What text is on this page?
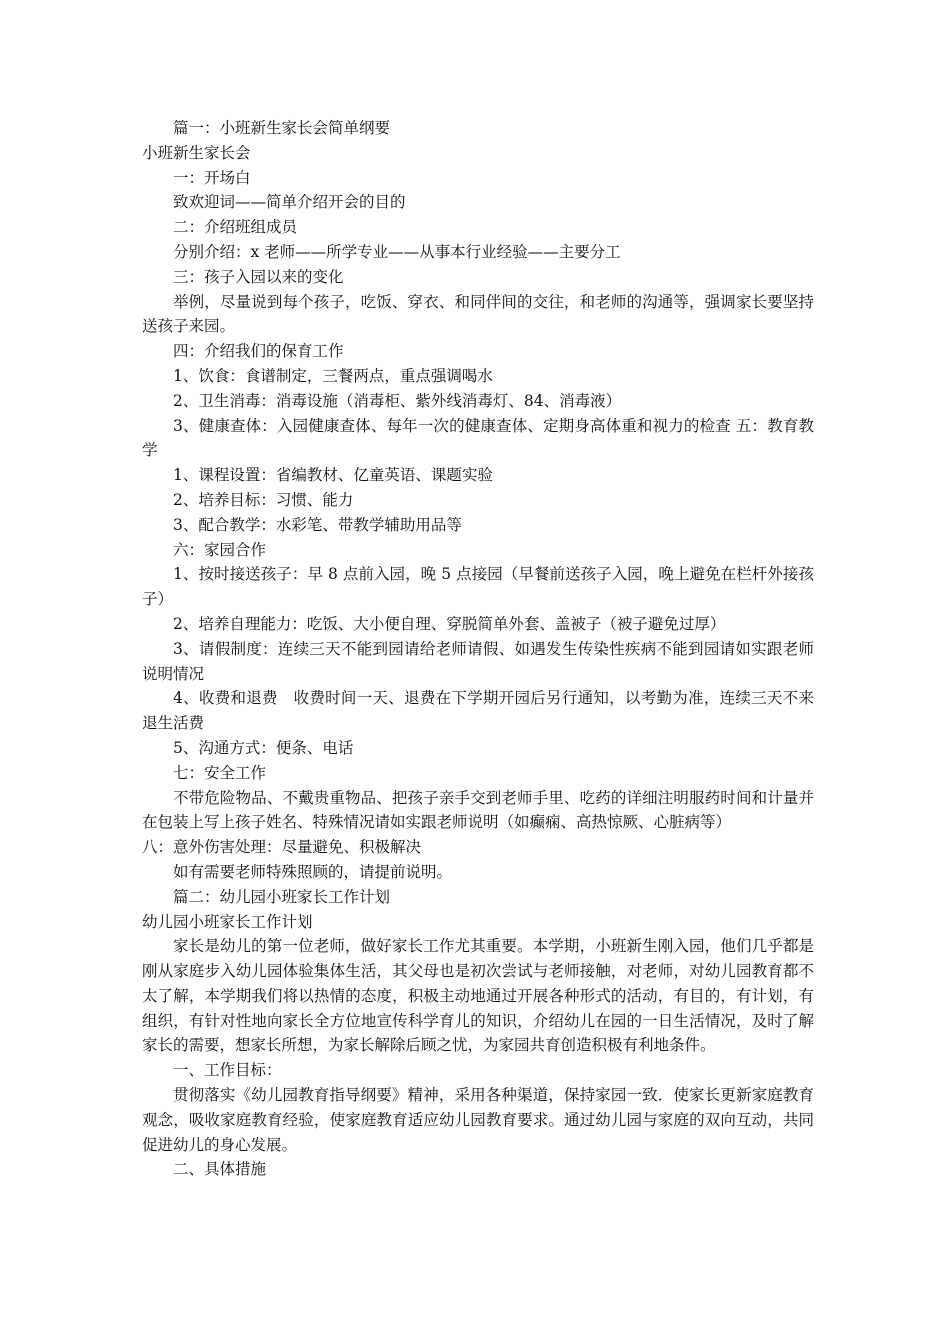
篇一：小班新生家长会简单纲要

小班新生家长会

一：开场白

致欢迎词——简单介绍开会的目的

二：介绍班组成员

分别介绍：x 老师——所学专业——从事本行业经验——主要分工

三：孩子入园以来的变化

举例，尽量说到每个孩子，吃饭、穿衣、和同伴间的交往，和老师的沟通等，强调家长要坚持送孩子来园。

四：介绍我们的保育工作

1、饮食：食谱制定，三餐两点，重点强调喝水

2、卫生消毒：消毒设施（消毒柜、紫外线消毒灯、84、消毒液）

3、健康查体：入园健康查体、每年一次的健康查体、定期身高体重和视力的检查 五：教育教学

1、课程设置：省编教材、亿童英语、课题实验

2、培养目标：习惯、能力

3、配合教学：水彩笔、带教学辅助用品等

六：家园合作

1、按时接送孩子：早 8 点前入园，晚 5 点接园（早餐前送孩子入园，晚上避免在栏杆外接孩子）

2、培养自理能力：吃饭、大小便自理、穿脱简单外套、盖被子（被子避免过厚）

3、请假制度：连续三天不能到园请给老师请假、如遇发生传染性疾病不能到园请如实跟老师说明情况

4、收费和退费　收费时间一天、退费在下学期开园后另行通知，以考勤为准，连续三天不来退生活费

5、沟通方式：便条、电话

七：安全工作

不带危险物品、不戴贵重物品、把孩子亲手交到老师手里、吃药的详细注明服药时间和计量并在包装上写上孩子姓名、特殊情况请如实跟老师说明（如癫痫、高热惊厥、心脏病等）

八：意外伤害处理：尽量避免、积极解决

如有需要老师特殊照顾的，请提前说明。

篇二：幼儿园小班家长工作计划

幼儿园小班家长工作计划

家长是幼儿的第一位老师，做好家长工作尤其重要。本学期，小班新生刚入园，他们几乎都是刚从家庭步入幼儿园体验集体生活，其父母也是初次尝试与老师接触，对老师，对幼儿园教育都不太了解，本学期我们将以热情的态度，积极主动地通过开展各种形式的活动，有目的，有计划，有组织，有针对性地向家长全方位地宣传科学育儿的知识，介绍幼儿在园的一日生活情况，及时了解家长的需要，想家长所想，为家长解除后顾之忧，为家园共育创造积极有利地条件。

一、工作目标：

贯彻落实《幼儿园教育指导纲要》精神，采用各种渠道，保持家园一致．使家长更新家庭教育观念，吸收家庭教育经验，使家庭教育适应幼儿园教育要求。通过幼儿园与家庭的双向互动，共同促进幼儿的身心发展。

二、具体措施
